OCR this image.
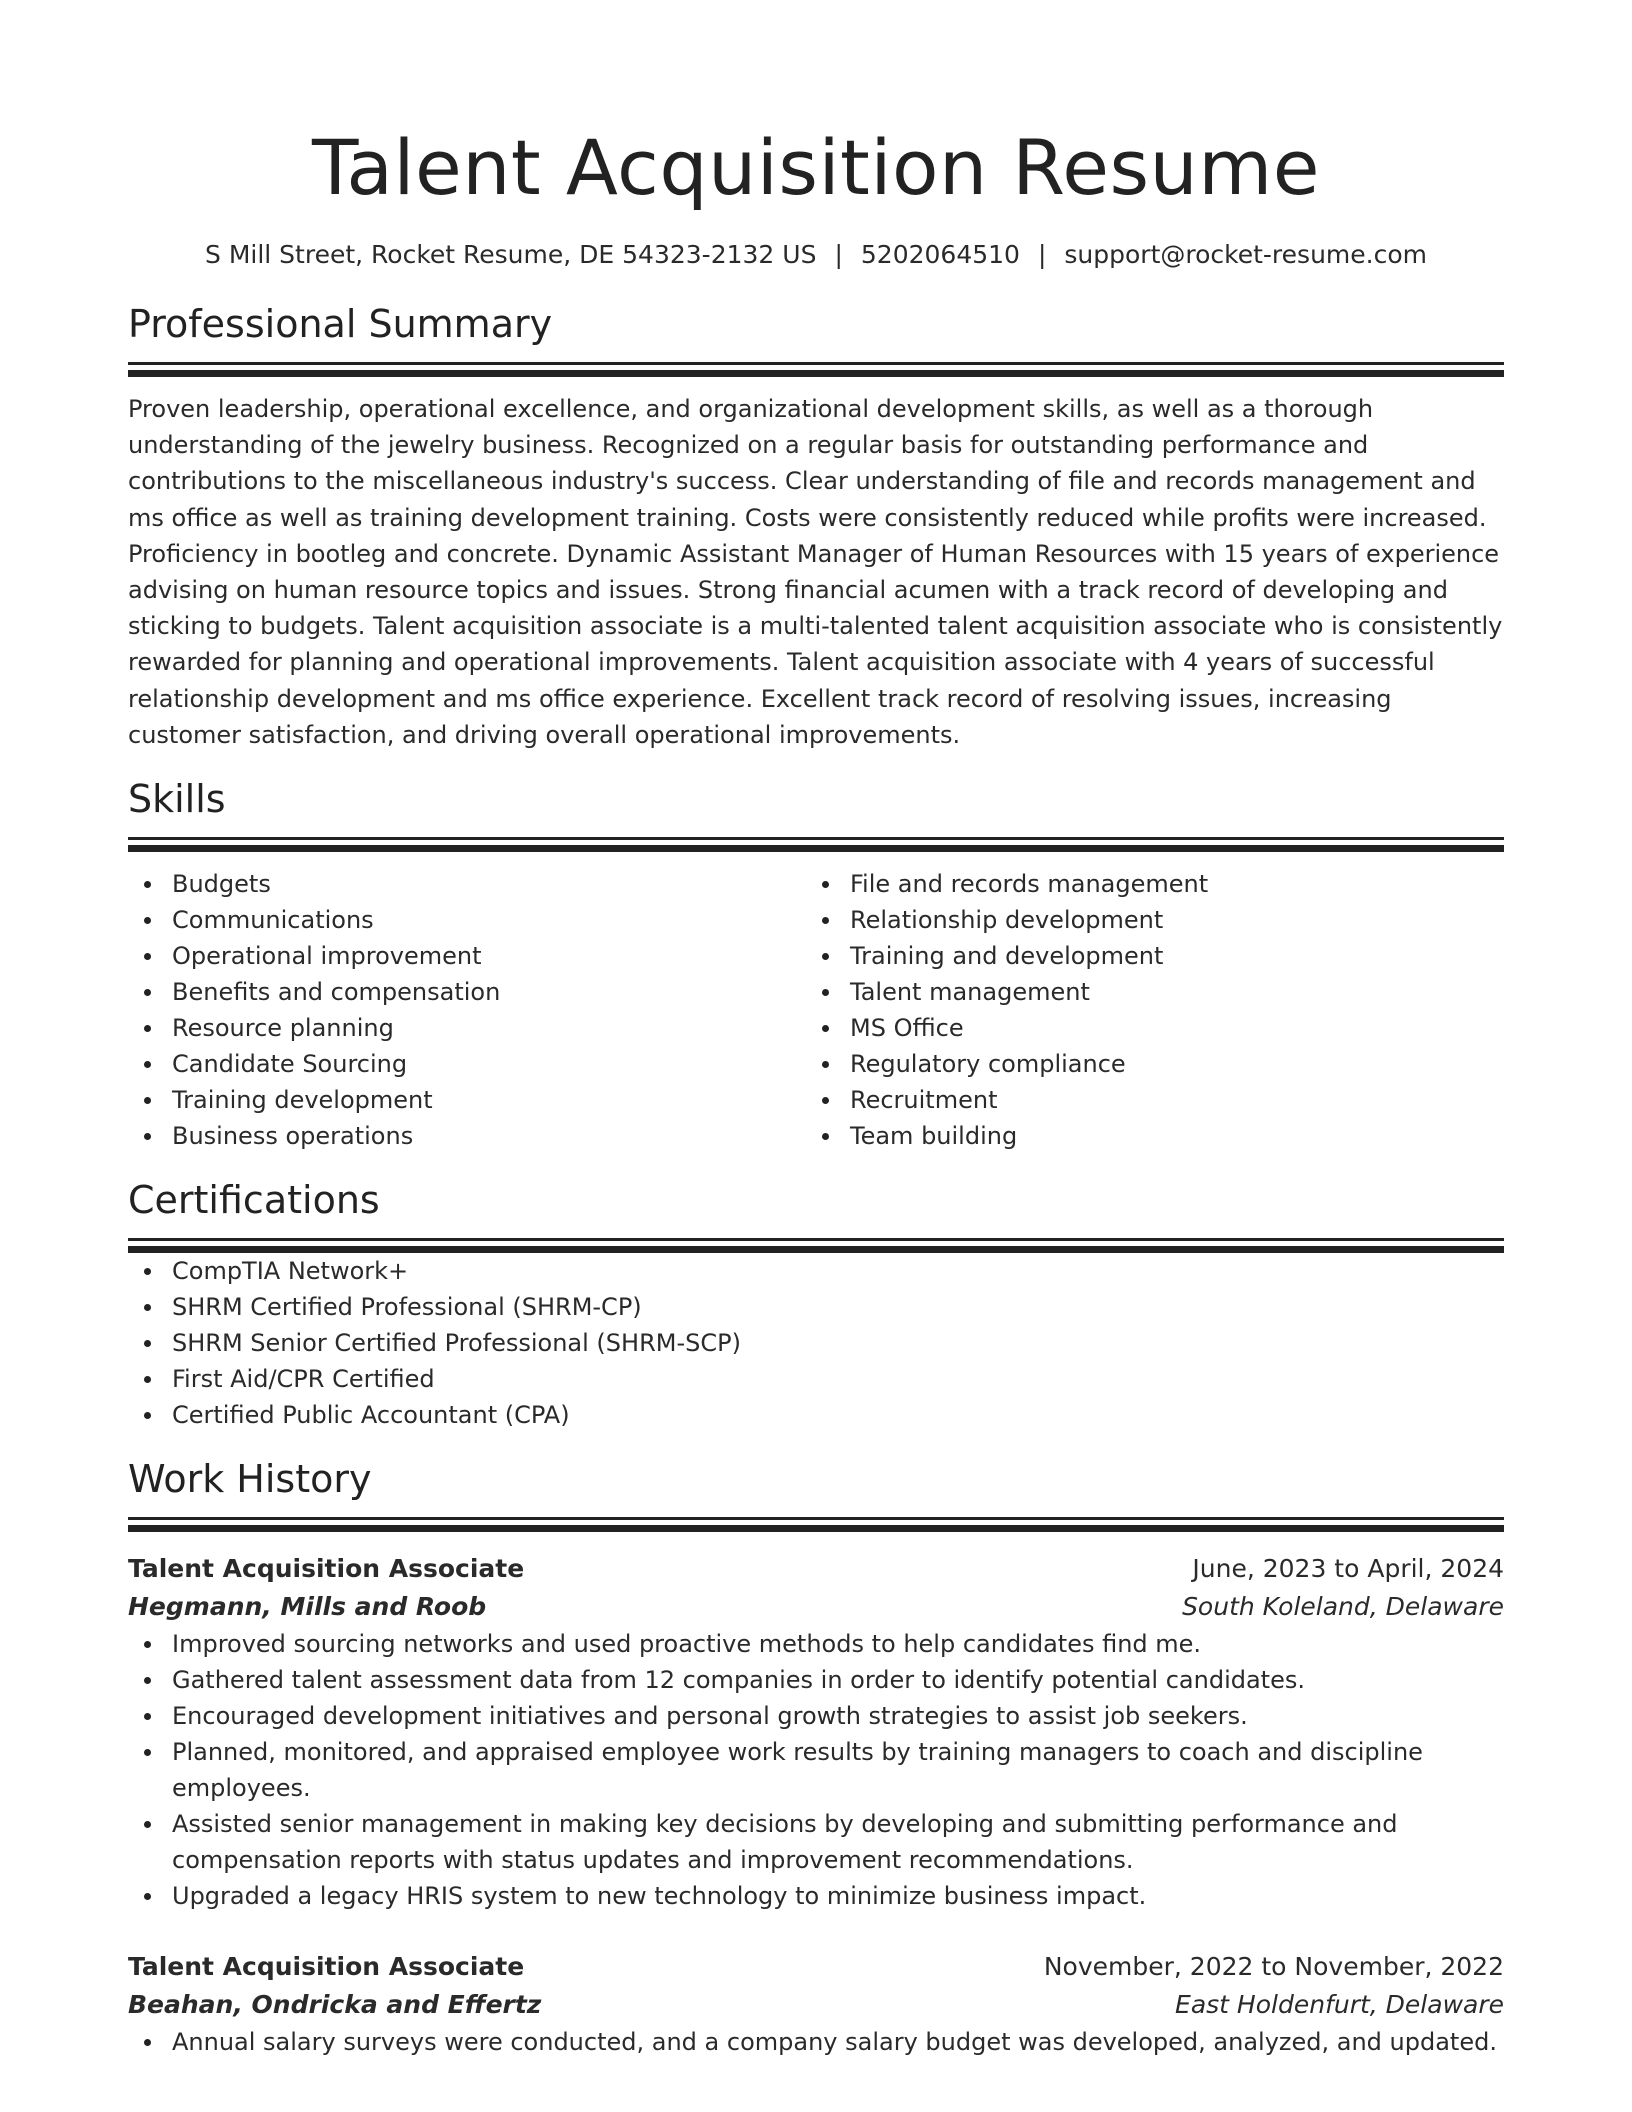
Talent Acquisition Resume
S Mill Street, Rocket Resume, DE 54323-2132 US | 5202064510 | support@rocket-resume.com
Professional Summary

Proven leadership, operational excellence, and organizational development skills, as well as a thorough understanding of the jewelry business. Recognized on a regular basis for outstanding performance and contributions to the miscellaneous industry's success. Clear understanding of file and records management and ms office as well as training development training. Costs were consistently reduced while profits were increased. Proficiency in bootleg and concrete. Dynamic Assistant Manager of Human Resources with 15 years of experience advising on human resource topics and issues. Strong financial acumen with a track record of developing and sticking to budgets. Talent acquisition associate is a multi-talented talent acquisition associate who is consistently rewarded for planning and operational improvements. Talent acquisition associate with 4 years of successful relationship development and ms office experience. Excellent track record of resolving issues, increasing customer satisfaction, and driving overall operational improvements.

Skills
Budgets
Communications
Operational improvement
Benefits and compensation
Resource planning
Candidate Sourcing
Training development
Business operations
File and records management
Relationship development
Training and development
Talent management
MS Office
Regulatory compliance
Recruitment
Team building
Certifications
CompTIA Network+
SHRM Certified Professional (SHRM-CP)
SHRM Senior Certified Professional (SHRM-SCP)
First Aid/CPR Certified
Certified Public Accountant (CPA)
Work History
Talent Acquisition Associate	June, 2023 to April, 2024
Hegmann, Mills and Roob	South Koleland, Delaware
Improved sourcing networks and used proactive methods to help candidates find me.
Gathered talent assessment data from 12 companies in order to identify potential candidates.
Encouraged development initiatives and personal growth strategies to assist job seekers.
Planned, monitored, and appraised employee work results by training managers to coach and discipline employees.
Assisted senior management in making key decisions by developing and submitting performance and compensation reports with status updates and improvement recommendations.
Upgraded a legacy HRIS system to new technology to minimize business impact.
Talent Acquisition Associate	November, 2022 to November, 2022
Beahan, Ondricka and Effertz	East Holdenfurt, Delaware
Annual salary surveys were conducted, and a company salary budget was developed, analyzed, and updated.
